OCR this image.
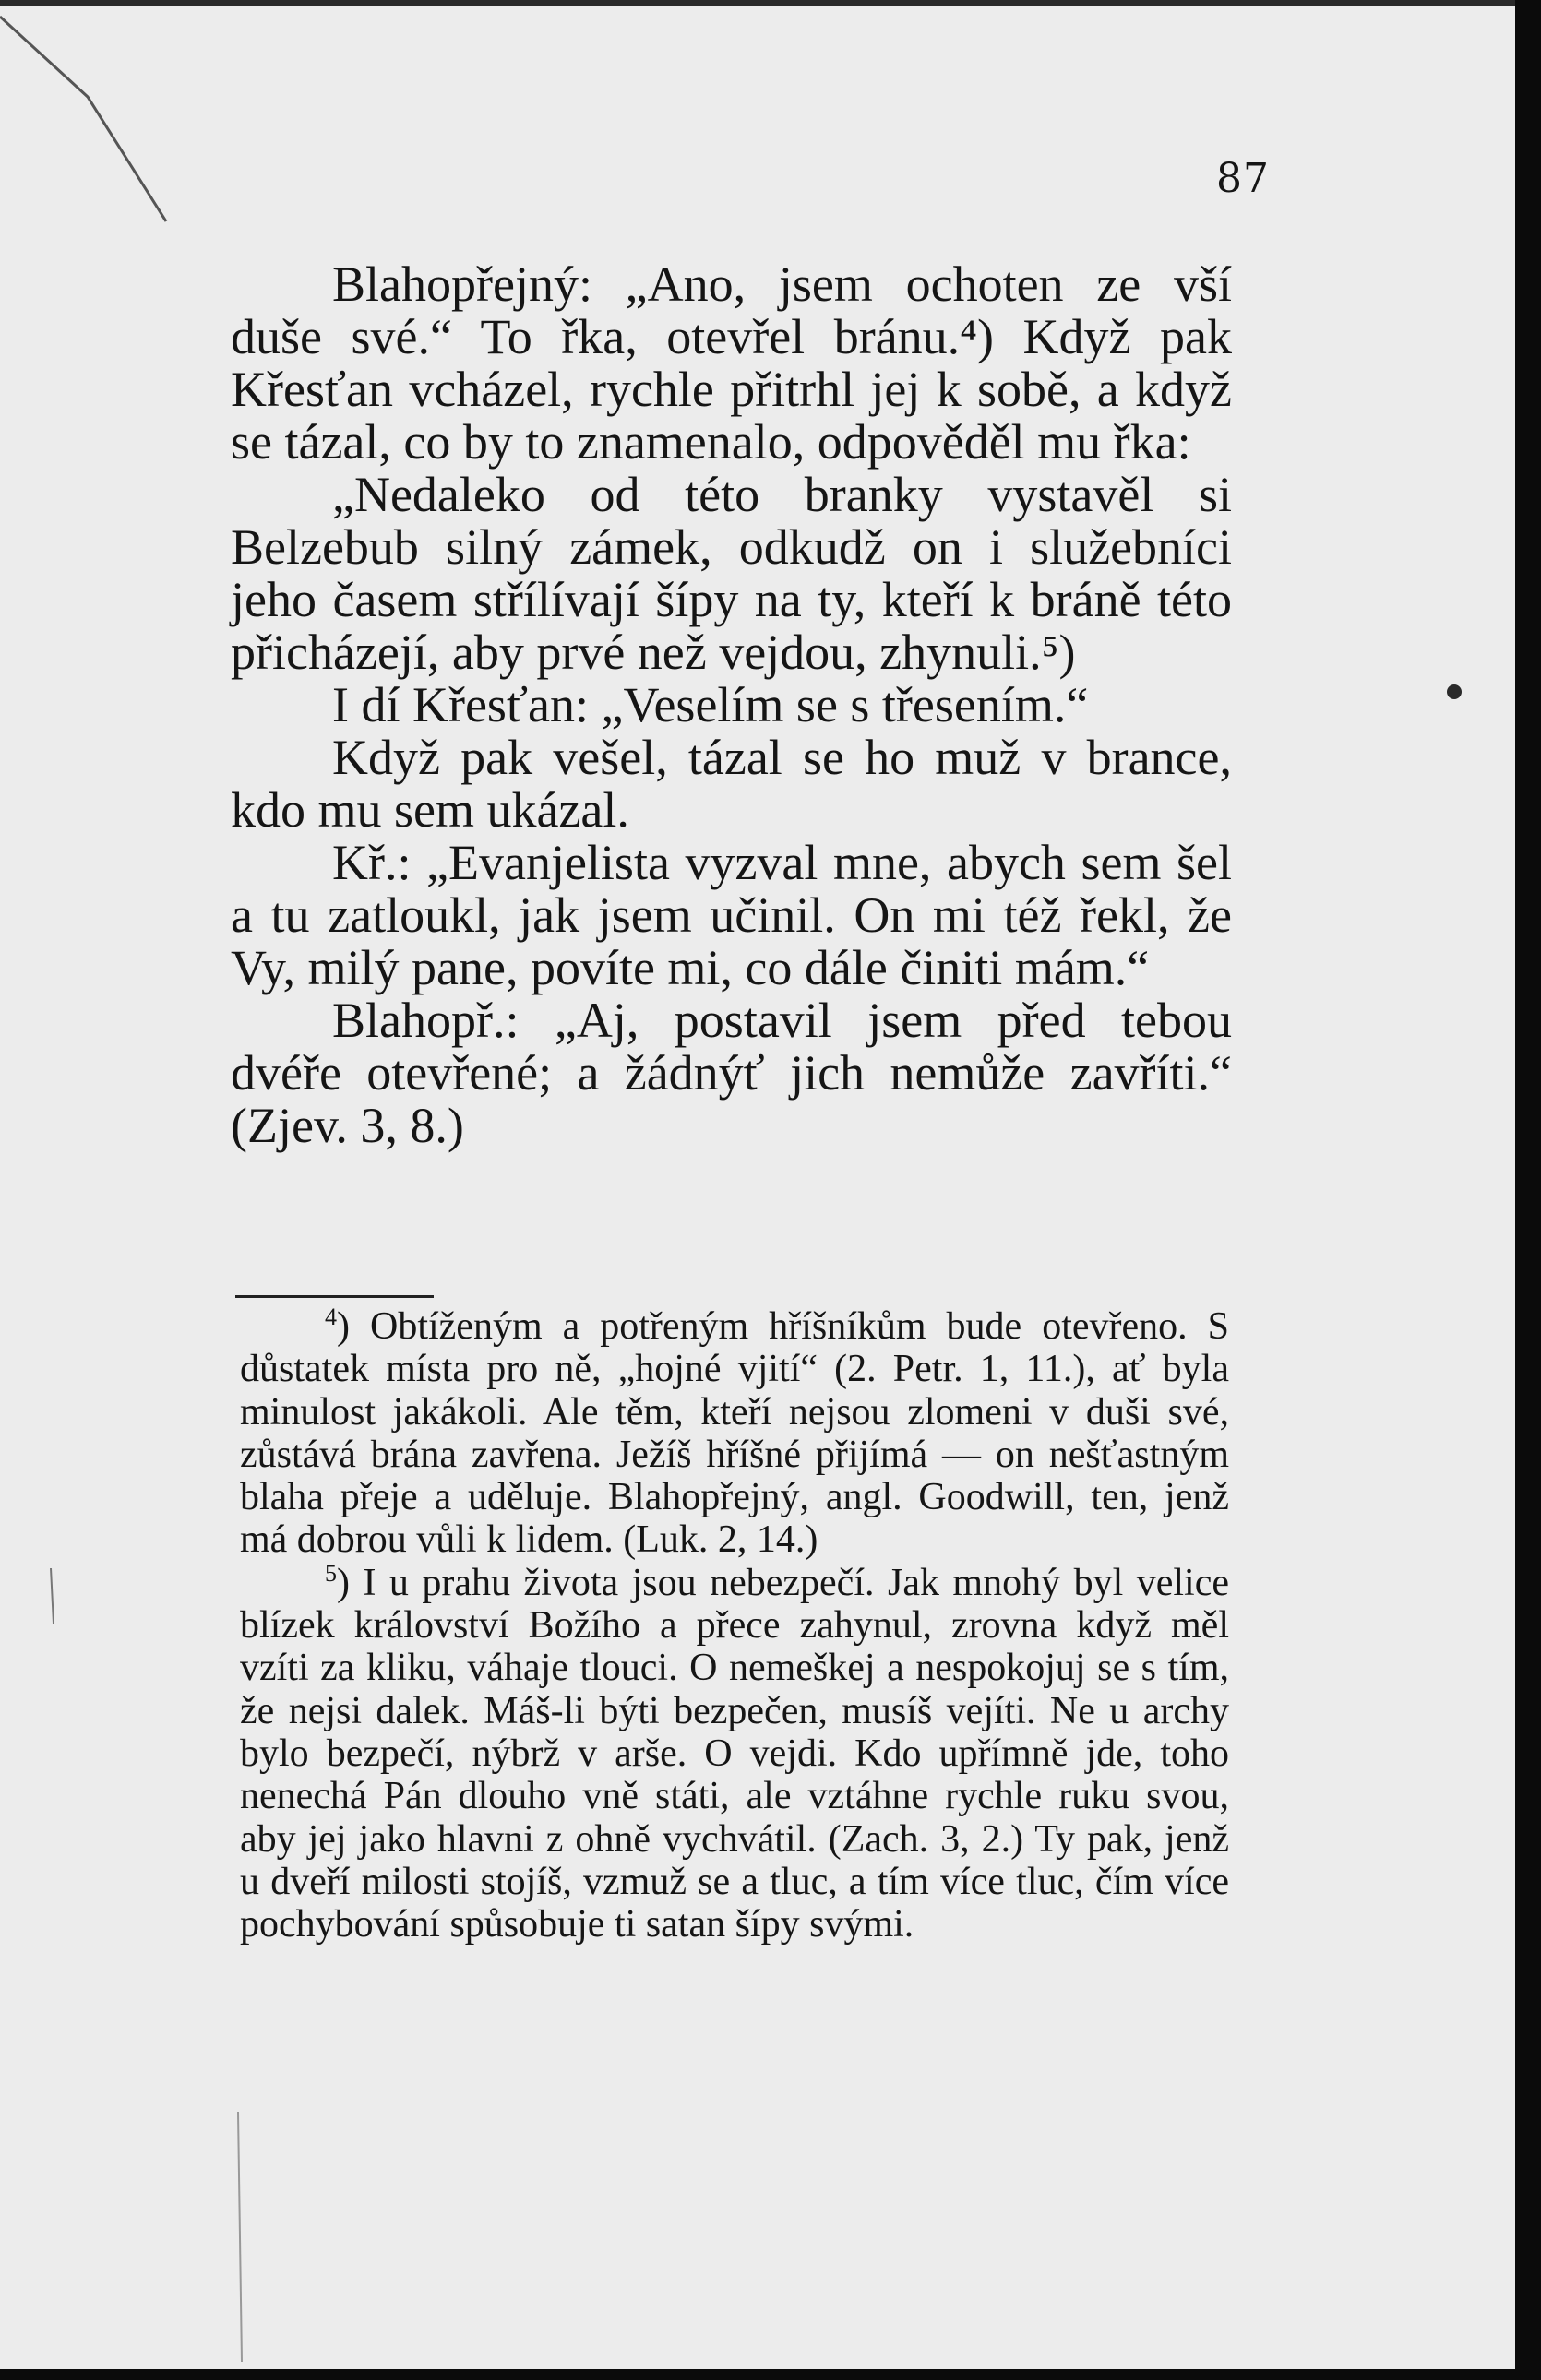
87

Blahopřejný: „Ano, jsem ochoten ze vší duše své.“ To řka, otevřel bránu.⁴) Když pak Křesťan vcházel, rychle přitrhl jej k sobě, a když se tázal, co by to znamenalo, odpověděl mu řka:

„Nedaleko od této branky vystavěl si Belzebub silný zámek, odkudž on i služebníci jeho časem střílívají šípy na ty, kteří k bráně této přicházejí, aby prvé než vejdou, zhynuli.⁵)

I dí Křesťan: „Veselím se s třesením.“

Když pak vešel, tázal se ho muž v brance, kdo mu sem ukázal.

Kř.: „Evanjelista vyzval mne, abych sem šel a tu zatloukl, jak jsem učinil. On mi též řekl, že Vy, milý pane, povíte mi, co dále činiti mám.“

Blahopř.: „Aj, postavil jsem před tebou dvéře otevřené; a žádnýť jich nemůže zavříti.“ (Zjev. 3, 8.)

$^4$) Obtíženým a potřeným hříšníkům bude otevřeno. S důstatek místa pro ně, „hojné vjití“ (2. Petr. 1, 11.), ať byla minulost jakákoli. Ale těm, kteří nejsou zlomeni v duši své, zůstává brána zavřena. Ježíš hříšné přijímá — on nešťastným blaha přeje a uděluje. Blahopřejný, angl. Goodwill, ten, jenž má dobrou vůli k lidem. (Luk. 2, 14.)

$^5$) I u prahu života jsou nebezpečí. Jak mnohý byl velice blízek království Božího a přece zahynul, zrovna když měl vzíti za kliku, váhaje tlouci. O nemeškej a nespokojuj se s tím, že nejsi dalek. Máš-li býti bezpečen, musíš vejíti. Ne u archy bylo bezpečí, nýbrž v arše. O vejdi. Kdo upřímně jde, toho nenechá Pán dlouho vně státi, ale vztáhne rychle ruku svou, aby jej jako hlavni z ohně vychvátil. (Zach. 3, 2.) Ty pak, jenž u dveří milosti stojíš, vzmuž se a tluc, a tím více tluc, čím více pochybování spůsobuje ti satan šípy svými.
